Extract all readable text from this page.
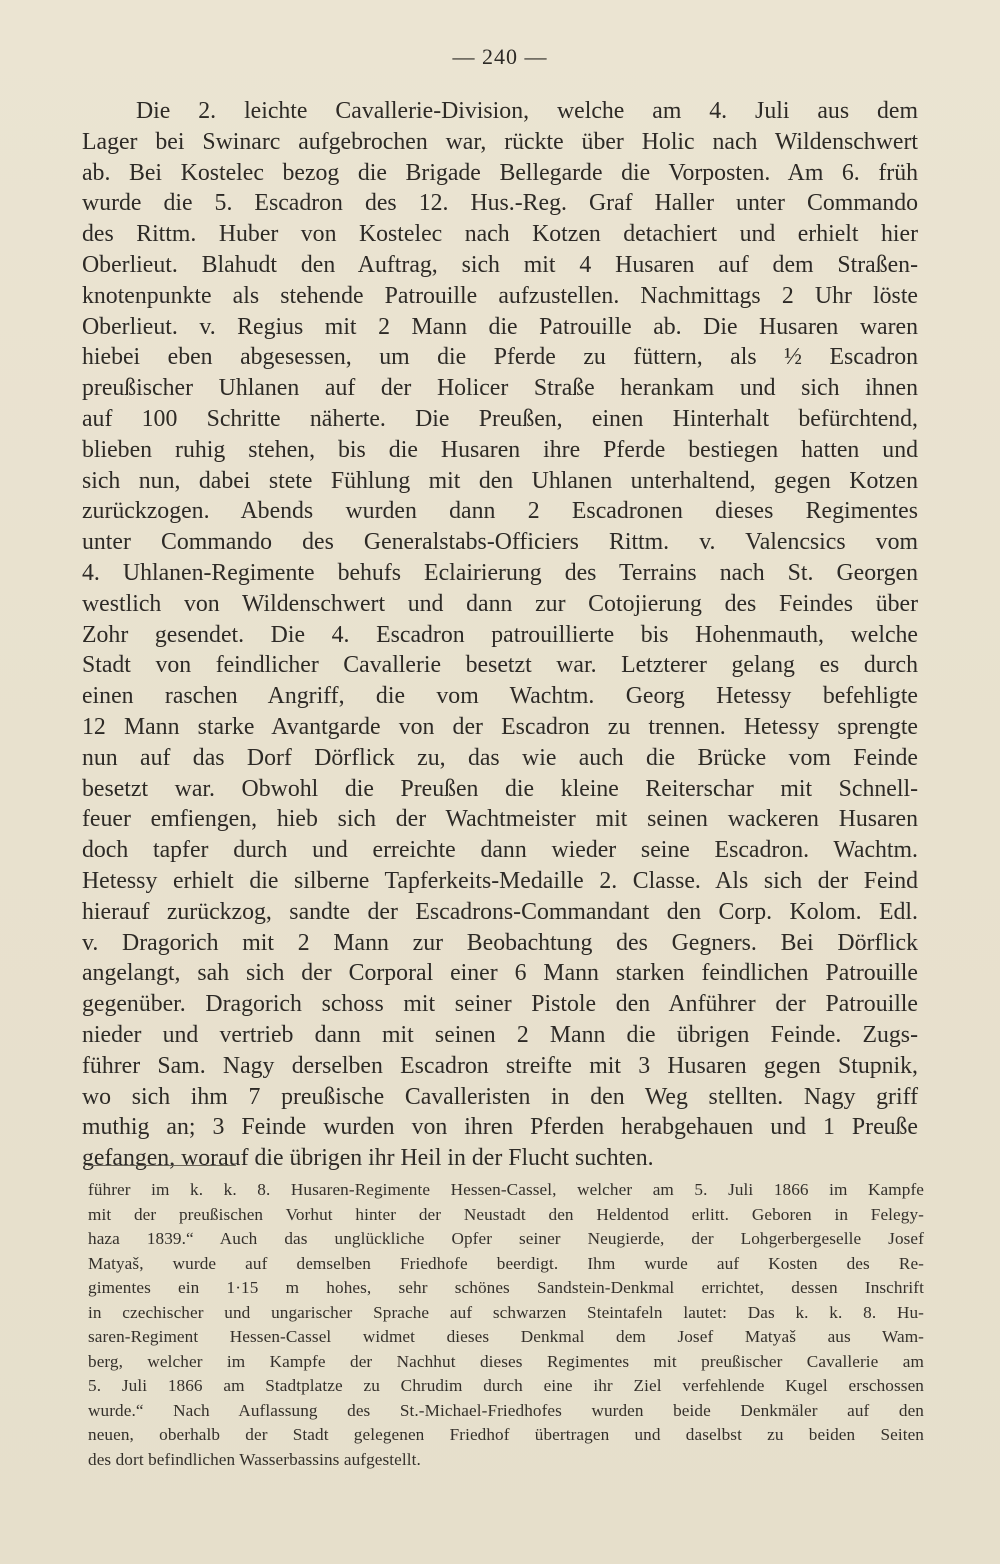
— 240 —
Die 2. leichte Cavallerie-Division, welche am 4. Juli aus dem
Lager bei Swinarc aufgebrochen war, rückte über Holic nach Wildenschwert
ab. Bei Kostelec bezog die Brigade Bellegarde die Vorposten. Am 6. früh
wurde die 5. Escadron des 12. Hus.-Reg. Graf Haller unter Commando
des Rittm. Huber von Kostelec nach Kotzen detachiert und erhielt hier
Oberlieut. Blahudt den Auftrag, sich mit 4 Husaren auf dem Straßen-
knotenpunkte als stehende Patrouille aufzustellen. Nachmittags 2 Uhr löste
Oberlieut. v. Regius mit 2 Mann die Patrouille ab. Die Husaren waren
hiebei eben abgesessen, um die Pferde zu füttern, als ½ Escadron
preußischer Uhlanen auf der Holicer Straße herankam und sich ihnen
auf 100 Schritte näherte. Die Preußen, einen Hinterhalt befürchtend,
blieben ruhig stehen, bis die Husaren ihre Pferde bestiegen hatten und
sich nun, dabei stete Fühlung mit den Uhlanen unterhaltend, gegen Kotzen
zurückzogen. Abends wurden dann 2 Escadronen dieses Regimentes
unter Commando des Generalstabs-Officiers Rittm. v. Valencsics vom
4. Uhlanen-Regimente behufs Eclairierung des Terrains nach St. Georgen
westlich von Wildenschwert und dann zur Cotojierung des Feindes über
Zohr gesendet. Die 4. Escadron patrouillierte bis Hohenmauth, welche
Stadt von feindlicher Cavallerie besetzt war. Letzterer gelang es durch
einen raschen Angriff, die vom Wachtm. Georg Hetessy befehligte
12 Mann starke Avantgarde von der Escadron zu trennen. Hetessy sprengte
nun auf das Dorf Dörflick zu, das wie auch die Brücke vom Feinde
besetzt war. Obwohl die Preußen die kleine Reiterschar mit Schnell-
feuer emfiengen, hieb sich der Wachtmeister mit seinen wackeren Husaren
doch tapfer durch und erreichte dann wieder seine Escadron. Wachtm.
Hetessy erhielt die silberne Tapferkeits-Medaille 2. Classe. Als sich der Feind
hierauf zurückzog, sandte der Escadrons-Commandant den Corp. Kolom. Edl.
v. Dragorich mit 2 Mann zur Beobachtung des Gegners. Bei Dörflick
angelangt, sah sich der Corporal einer 6 Mann starken feindlichen Patrouille
gegenüber. Dragorich schoss mit seiner Pistole den Anführer der Patrouille
nieder und vertrieb dann mit seinen 2 Mann die übrigen Feinde. Zugs-
führer Sam. Nagy derselben Escadron streifte mit 3 Husaren gegen Stupnik,
wo sich ihm 7 preußische Cavalleristen in den Weg stellten. Nagy griff
muthig an; 3 Feinde wurden von ihren Pferden herabgehauen und 1 Preuße
gefangen, worauf die übrigen ihr Heil in der Flucht suchten.
führer im k. k. 8. Husaren-Regimente Hessen-Cassel, welcher am 5. Juli 1866 im Kampfe
mit der preußischen Vorhut hinter der Neustadt den Heldentod erlitt. Geboren in Felegy-
haza 1839.“ Auch das unglückliche Opfer seiner Neugierde, der Lohgerbergeselle Josef
Matyaš, wurde auf demselben Friedhofe beerdigt. Ihm wurde auf Kosten des Re-
gimentes ein 1·15 m hohes, sehr schönes Sandstein-Denkmal errichtet, dessen Inschrift
in czechischer und ungarischer Sprache auf schwarzen Steintafeln lautet: Das k. k. 8. Hu-
saren-Regiment Hessen-Cassel widmet dieses Denkmal dem Josef Matyaš aus Wam-
berg, welcher im Kampfe der Nachhut dieses Regimentes mit preußischer Cavallerie am
5. Juli 1866 am Stadtplatze zu Chrudim durch eine ihr Ziel verfehlende Kugel erschossen
wurde.“ Nach Auflassung des St.-Michael-Friedhofes wurden beide Denkmäler auf den
neuen, oberhalb der Stadt gelegenen Friedhof übertragen und daselbst zu beiden Seiten
des dort befindlichen Wasserbassins aufgestellt.
